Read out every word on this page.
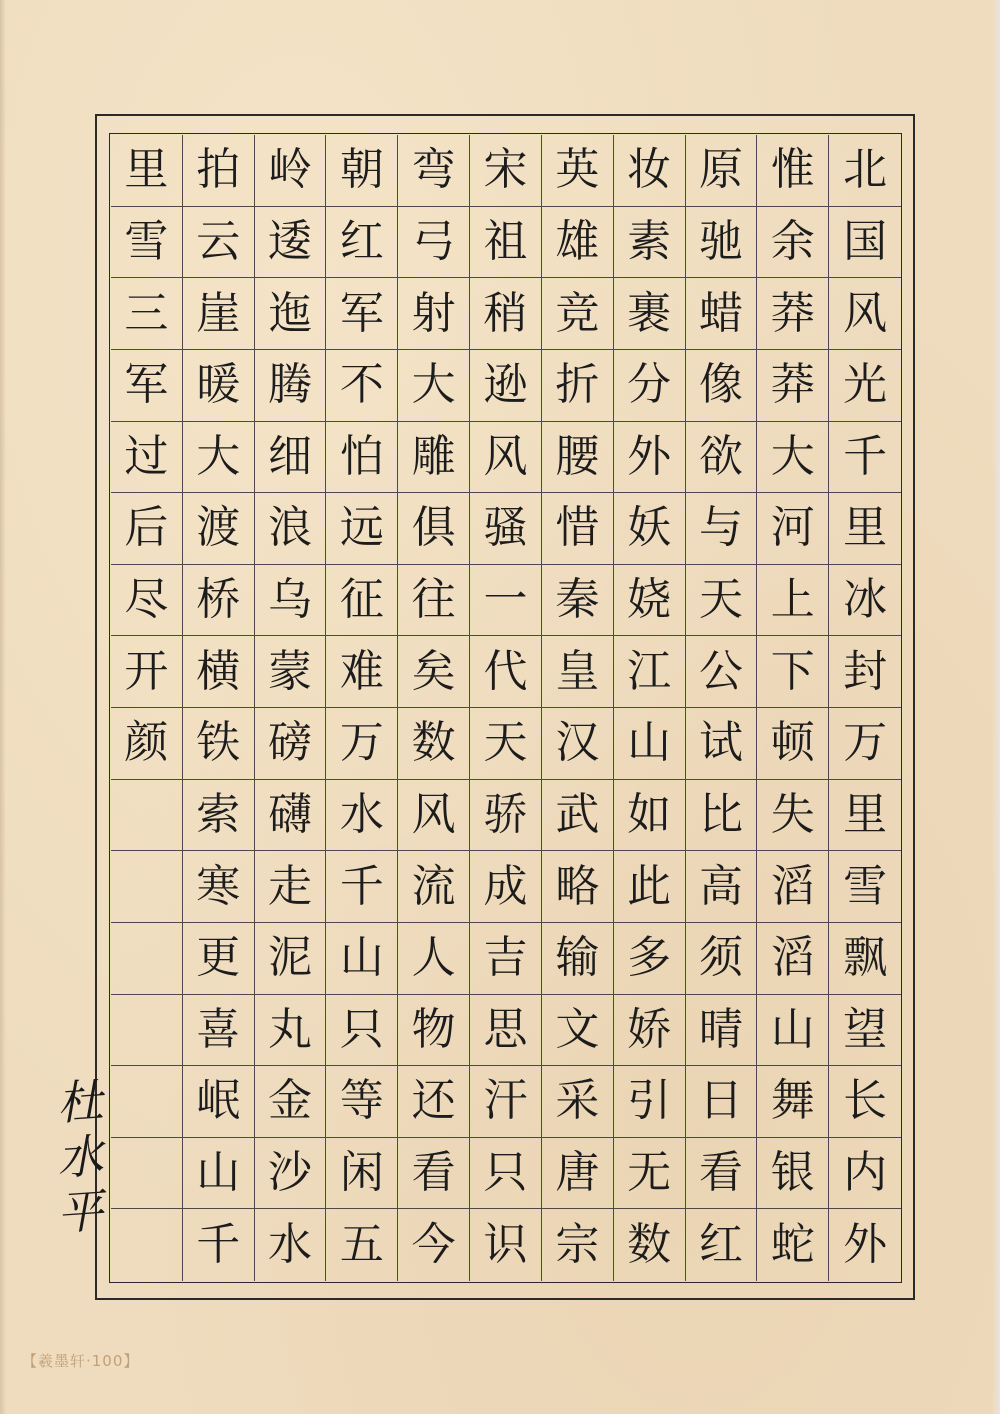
里 拍 岭 朝 弯 宋 英 妆 原 惟 北
雪 云 逶 红 弓 祖 雄 素 驰 余 国
三 崖 迤 军 射 稍 竞 裹 蜡 莽 风
军 暖 腾 不 大 逊 折 分 像 莽 光
过 大 细 怕 雕 风 腰 外 欲 大 千
后 渡 浪 远 俱 骚 惜 妖 与 河 里
尽 桥 乌 征 往 一 秦 娆 天 上 冰
开 横 蒙 难 矣 代 皇 江 公 下 封
颜 铁 磅 万 数 天 汉 山 试 顿 万
索 礴 水 风 骄 武 如 比 失 里
寒 走 千 流 成 略 此 高 滔 雪
更 泥 山 人 吉 输 多 须 滔 飘
喜 丸 只 物 思 文 娇 晴 山 望
岷 金 等 还 汗 采 引 日 舞 长
山 沙 闲 看 只 唐 无 看 银 内
千 水 五 今 识 宗 数 红 蛇 外
杜
水
平
【羲墨轩·100】
